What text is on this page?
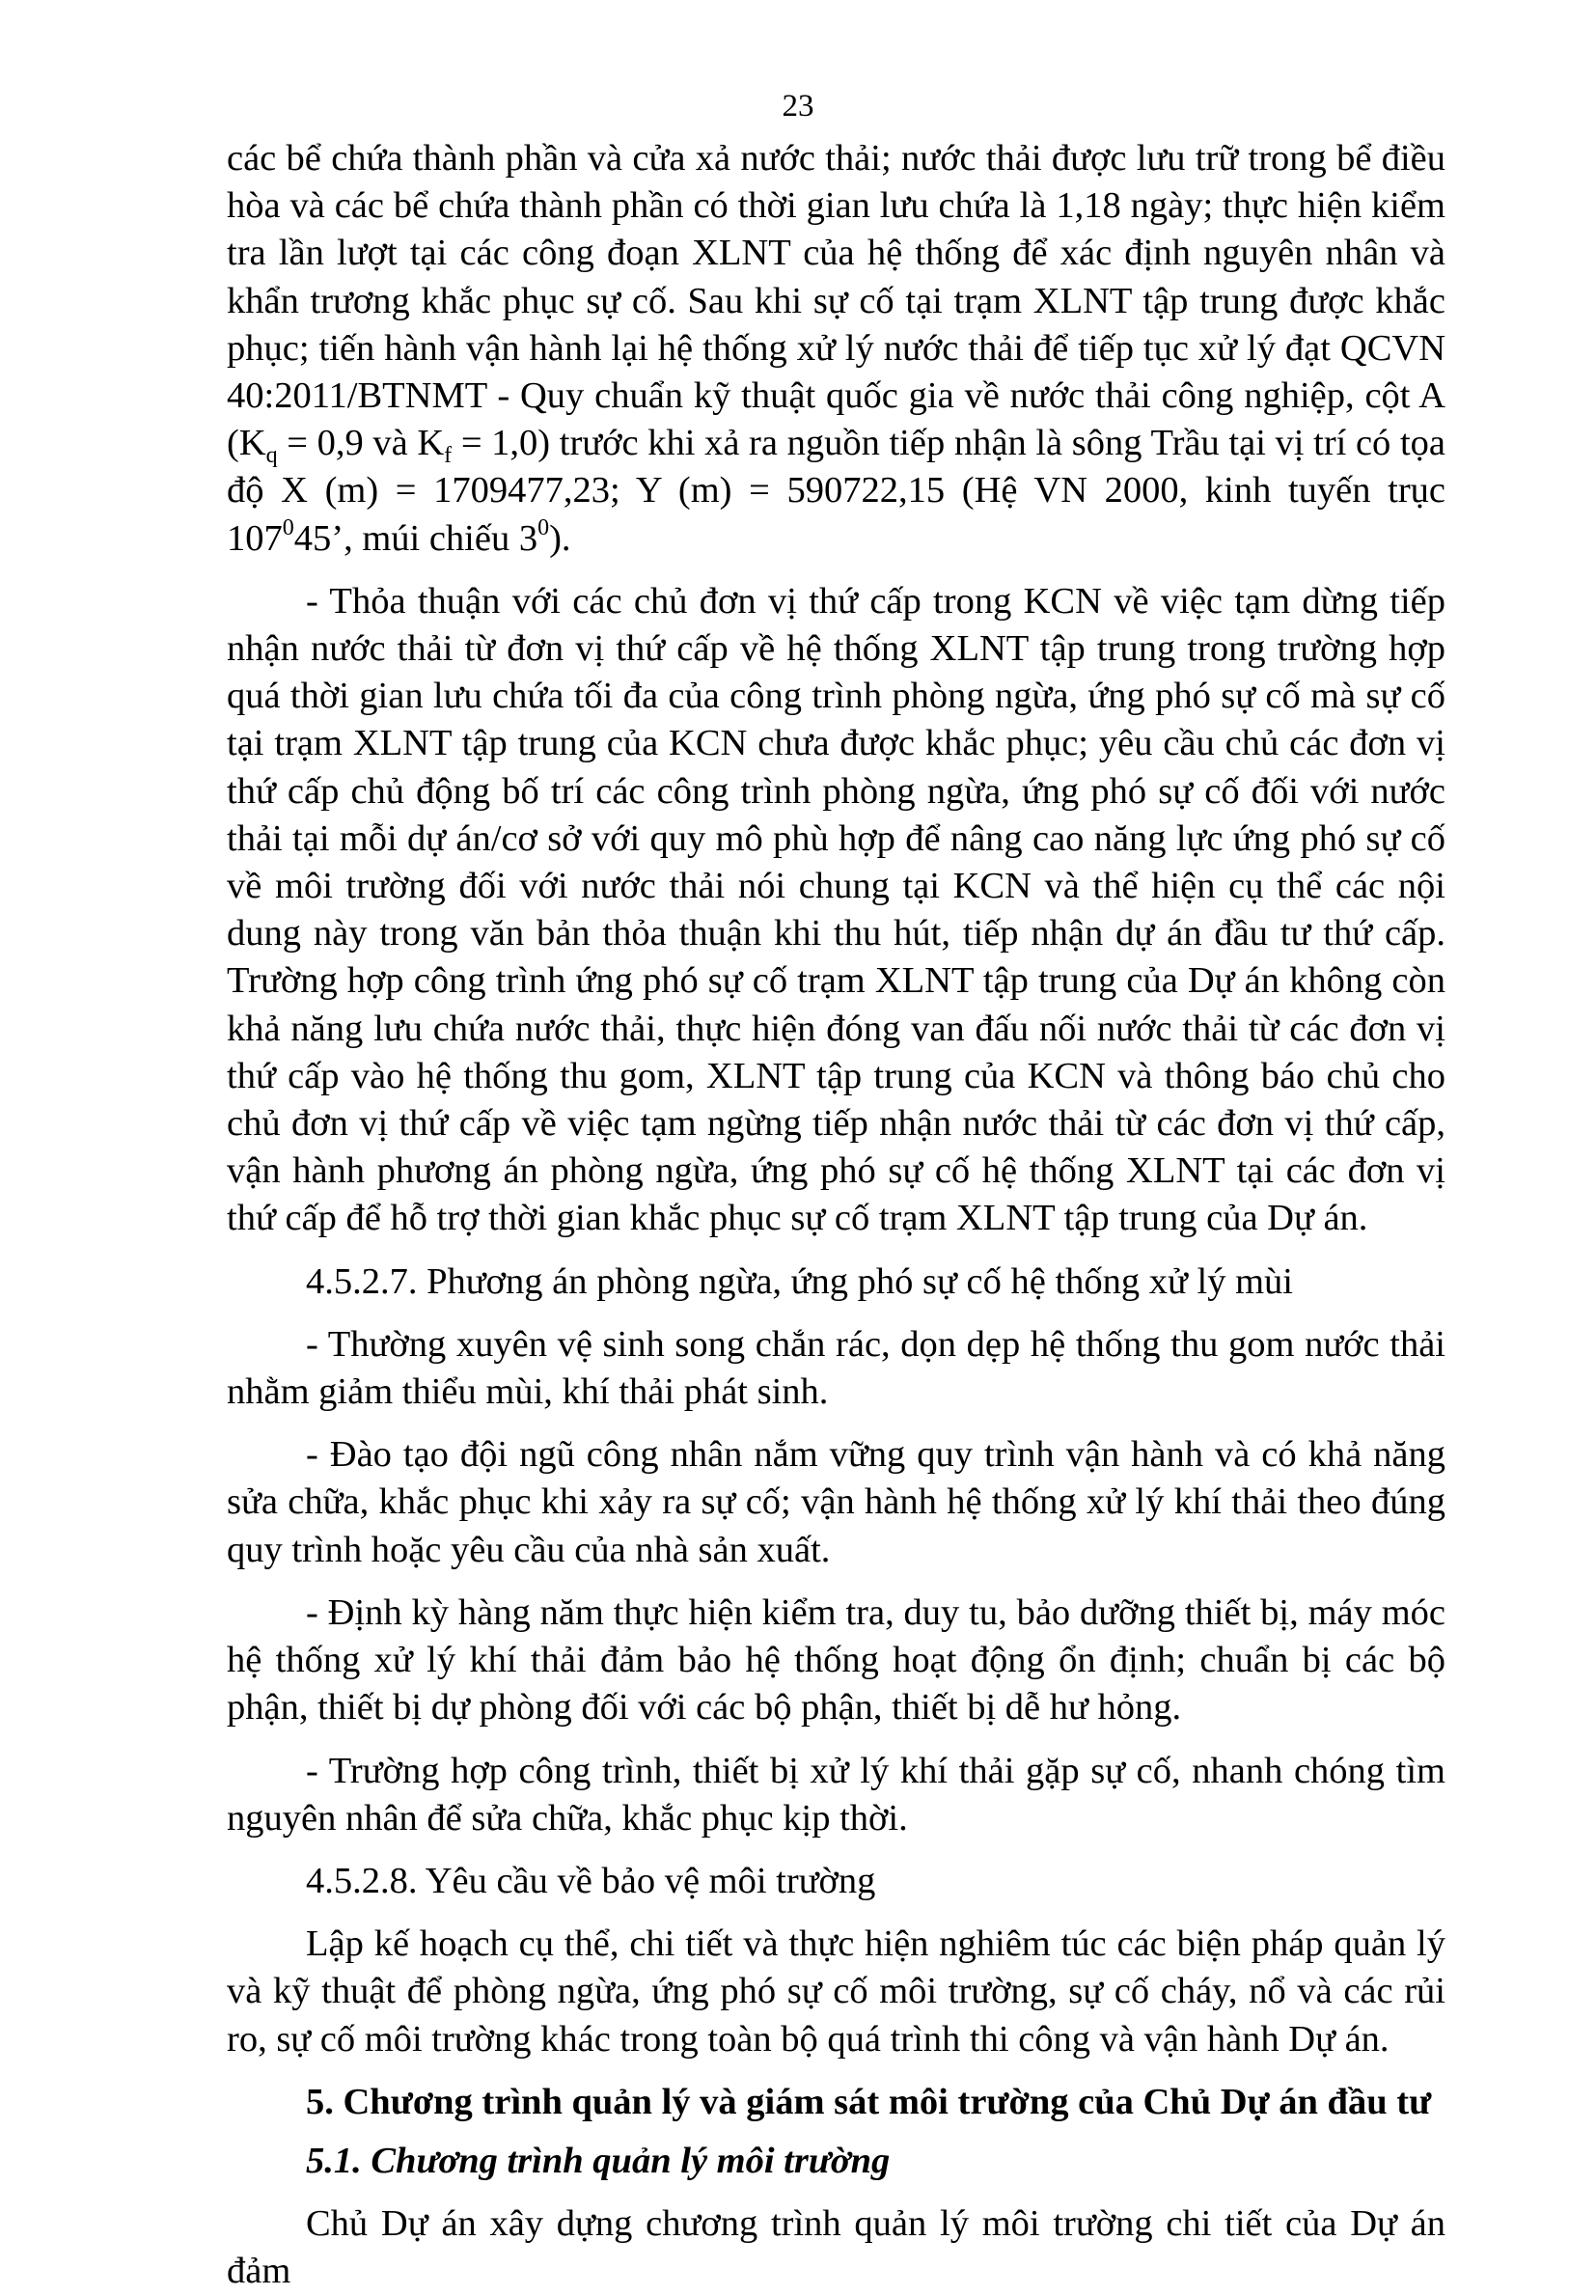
23

các bể chứa thành phần và cửa xả nước thải; nước thải được lưu trữ trong bể điều hòa và các bể chứa thành phần có thời gian lưu chứa là 1,18 ngày; thực hiện kiểm tra lần lượt tại các công đoạn XLNT của hệ thống để xác định nguyên nhân và khẩn trương khắc phục sự cố. Sau khi sự cố tại trạm XLNT tập trung được khắc phục; tiến hành vận hành lại hệ thống xử lý nước thải để tiếp tục xử lý đạt QCVN 40:2011/BTNMT - Quy chuẩn kỹ thuật quốc gia về nước thải công nghiệp, cột A ($K_q = 0,9$ và $K_f = 1,0$) trước khi xả ra nguồn tiếp nhận là sông Trầu tại vị trí có tọa độ X (m) = 1709477,23; Y (m) = 590722,15 (Hệ VN 2000, kinh tuyến trục $107^045$’, múi chiếu $3^0$).

- Thỏa thuận với các chủ đơn vị thứ cấp trong KCN về việc tạm dừng tiếp nhận nước thải từ đơn vị thứ cấp về hệ thống XLNT tập trung trong trường hợp quá thời gian lưu chứa tối đa của công trình phòng ngừa, ứng phó sự cố mà sự cố tại trạm XLNT tập trung của KCN chưa được khắc phục; yêu cầu chủ các đơn vị thứ cấp chủ động bố trí các công trình phòng ngừa, ứng phó sự cố đối với nước thải tại mỗi dự án/cơ sở với quy mô phù hợp để nâng cao năng lực ứng phó sự cố về môi trường đối với nước thải nói chung tại KCN và thể hiện cụ thể các nội dung này trong văn bản thỏa thuận khi thu hút, tiếp nhận dự án đầu tư thứ cấp. Trường hợp công trình ứng phó sự cố trạm XLNT tập trung của Dự án không còn khả năng lưu chứa nước thải, thực hiện đóng van đấu nối nước thải từ các đơn vị thứ cấp vào hệ thống thu gom, XLNT tập trung của KCN và thông báo chủ cho chủ đơn vị thứ cấp về việc tạm ngừng tiếp nhận nước thải từ các đơn vị thứ cấp, vận hành phương án phòng ngừa, ứng phó sự cố hệ thống XLNT tại các đơn vị thứ cấp để hỗ trợ thời gian khắc phục sự cố trạm XLNT tập trung của Dự án.

4.5.2.7. Phương án phòng ngừa, ứng phó sự cố hệ thống xử lý mùi

- Thường xuyên vệ sinh song chắn rác, dọn dẹp hệ thống thu gom nước thải nhằm giảm thiểu mùi, khí thải phát sinh.

- Đào tạo đội ngũ công nhân nắm vững quy trình vận hành và có khả năng sửa chữa, khắc phục khi xảy ra sự cố; vận hành hệ thống xử lý khí thải theo đúng quy trình hoặc yêu cầu của nhà sản xuất.

- Định kỳ hàng năm thực hiện kiểm tra, duy tu, bảo dưỡng thiết bị, máy móc hệ thống xử lý khí thải đảm bảo hệ thống hoạt động ổn định; chuẩn bị các bộ phận, thiết bị dự phòng đối với các bộ phận, thiết bị dễ hư hỏng.

- Trường hợp công trình, thiết bị xử lý khí thải gặp sự cố, nhanh chóng tìm nguyên nhân để sửa chữa, khắc phục kịp thời.

4.5.2.8. Yêu cầu về bảo vệ môi trường

Lập kế hoạch cụ thể, chi tiết và thực hiện nghiêm túc các biện pháp quản lý và kỹ thuật để phòng ngừa, ứng phó sự cố môi trường, sự cố cháy, nổ và các rủi ro, sự cố môi trường khác trong toàn bộ quá trình thi công và vận hành Dự án.

5. Chương trình quản lý và giám sát môi trường của Chủ Dự án đầu tư

5.1. Chương trình quản lý môi trường

Chủ Dự án xây dựng chương trình quản lý môi trường chi tiết của Dự án đảm
